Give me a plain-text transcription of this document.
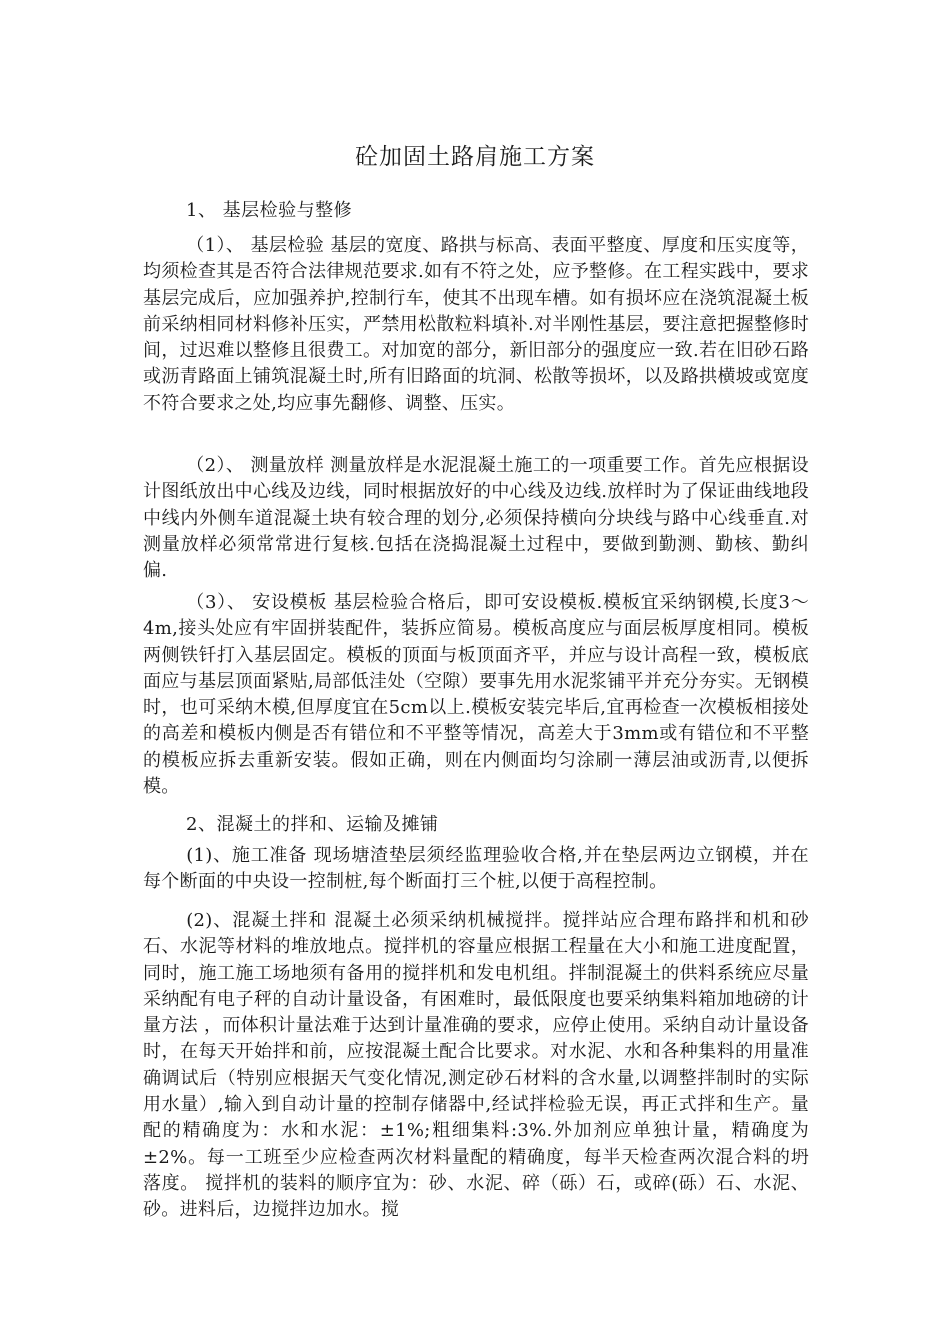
砼加固土路肩施工方案
1、 基层检验与整修
（1）、 基层检验 基层的宽度、路拱与标高、表面平整度、厚度和压实度等，均须检查其是否符合法律规范要求.如有不符之处，应予整修。在工程实践中，要求基层完成后，应加强养护,控制行车，使其不出现车槽。如有损坏应在浇筑混凝土板前采纳相同材料修补压实，严禁用松散粒料填补.对半刚性基层，要注意把握整修时间，过迟难以整修且很费工。对加宽的部分，新旧部分的强度应一致.若在旧砂石路或沥青路面上铺筑混凝土时,所有旧路面的坑洞、松散等损坏，以及路拱横坡或宽度不符合要求之处,均应事先翻修、调整、压实。
（2）、 测量放样 测量放样是水泥混凝土施工的一项重要工作。首先应根据设计图纸放出中心线及边线，同时根据放好的中心线及边线.放样时为了保证曲线地段中线内外侧车道混凝土块有较合理的划分,必须保持横向分块线与路中心线垂直.对测量放样必须常常进行复核.包括在浇捣混凝土过程中，要做到勤测、勤核、勤纠偏.
（3）、 安设模板 基层检验合格后，即可安设模板.模板宜采纳钢模,长度3～4m,接头处应有牢固拼装配件，装拆应简易。模板高度应与面层板厚度相同。模板两侧铁钎打入基层固定。模板的顶面与板顶面齐平，并应与设计高程一致，模板底面应与基层顶面紧贴,局部低洼处（空隙）要事先用水泥浆铺平并充分夯实。无钢模时，也可采纳木模,但厚度宜在5cm以上.模板安装完毕后,宜再检查一次模板相接处的高差和模板内侧是否有错位和不平整等情况，高差大于3mm或有错位和不平整的模板应拆去重新安装。假如正确，则在内侧面均匀涂刷一薄层油或沥青,以便拆模。
2、混凝土的拌和、运输及摊铺
(1)、施工准备 现场塘渣垫层须经监理验收合格,并在垫层两边立钢模，并在每个断面的中央设一控制桩,每个断面打三个桩,以便于高程控制。
(2)、混凝土拌和 混凝土必须采纳机械搅拌。搅拌站应合理布路拌和机和砂石、水泥等材料的堆放地点。搅拌机的容量应根据工程量在大小和施工进度配置，同时，施工施工场地须有备用的搅拌机和发电机组。拌制混凝土的供料系统应尽量采纳配有电子秤的自动计量设备，有困难时，最低限度也要采纳集料箱加地磅的计量方法 ，而体积计量法难于达到计量准确的要求，应停止使用。采纳自动计量设备时，在每天开始拌和前，应按混凝土配合比要求。对水泥、水和各种集料的用量准确调试后（特别应根据天气变化情况,测定砂石材料的含水量,以调整拌制时的实际用水量）,输入到自动计量的控制存储器中,经试拌检验无误，再正式拌和生产。量配的精确度为：水和水泥：±1%;粗细集料:3%.外加剂应单独计量，精确度为±2%。每一工班至少应检查两次材料量配的精确度，每半天检查两次混合料的坍落度。 搅拌机的装料的顺序宜为：砂、水泥、碎（砾）石，或碎(砾）石、水泥、砂。进料后，边搅拌边加水。搅
